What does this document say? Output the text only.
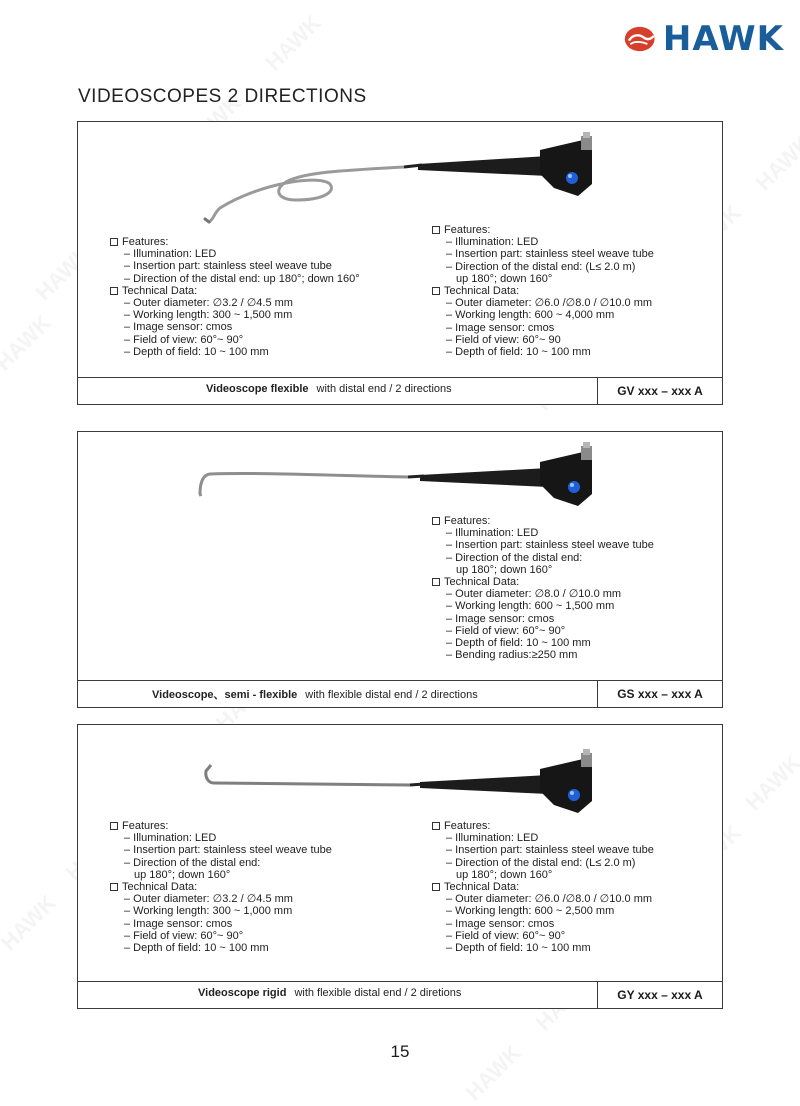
HAWK
VIDEOSCOPES 2 DIRECTIONS
Features:
– Illumination: LED
– Insertion part: stainless steel weave tube
– Direction of the distal end: up 180°; down 160°
Technical Data:
– Outer diameter: ∅3.2 / ∅4.5 mm
– Working length: 300 ~ 1,500 mm
– Image sensor: cmos
– Field of view: 60°~ 90°
– Depth of field: 10 ~ 100 mm
Features:
– Illumination: LED
– Insertion part: stainless steel weave tube
– Direction of the distal end: (L≤ 2.0 m)
up 180°; down 160°
Technical Data:
– Outer diameter: ∅6.0 /∅8.0 / ∅10.0 mm
– Working length: 600 ~ 4,000 mm
– Image sensor: cmos
– Field of view: 60°~ 90
– Depth of field: 10 ~ 100 mm
Videoscope flexible with distal end / 2 directions	GV xxx – xxx A
Features:
– Illumination: LED
– Insertion part: stainless steel weave tube
– Direction of the distal end:
up 180°; down 160°
Technical Data:
– Outer diameter: ∅8.0 / ∅10.0 mm
– Working length: 600 ~ 1,500 mm
– Image sensor: cmos
– Field of view: 60°~ 90°
– Depth of field: 10 ~ 100 mm
– Bending radius:≥250 mm
Videoscope、semi - flexible with flexible distal end / 2 directions	GS xxx – xxx A
Features:
– Illumination: LED
– Insertion part: stainless steel weave tube
– Direction of the distal end:
up 180°; down 160°
Technical Data:
– Outer diameter: ∅3.2 / ∅4.5 mm
– Working length: 300 ~ 1,000 mm
– Image sensor: cmos
– Field of view: 60°~ 90°
– Depth of field: 10 ~ 100 mm
Features:
– Illumination: LED
– Insertion part: stainless steel weave tube
– Direction of the distal end: (L≤ 2.0 m)
up 180°; down 160°
Technical Data:
– Outer diameter: ∅6.0 /∅8.0 / ∅10.0 mm
– Working length: 600 ~ 2,500 mm
– Image sensor: cmos
– Field of view: 60°~ 90°
– Depth of field: 10 ~ 100 mm
Videoscope rigid with flexible distal end / 2 diretions	GY xxx – xxx A
15
